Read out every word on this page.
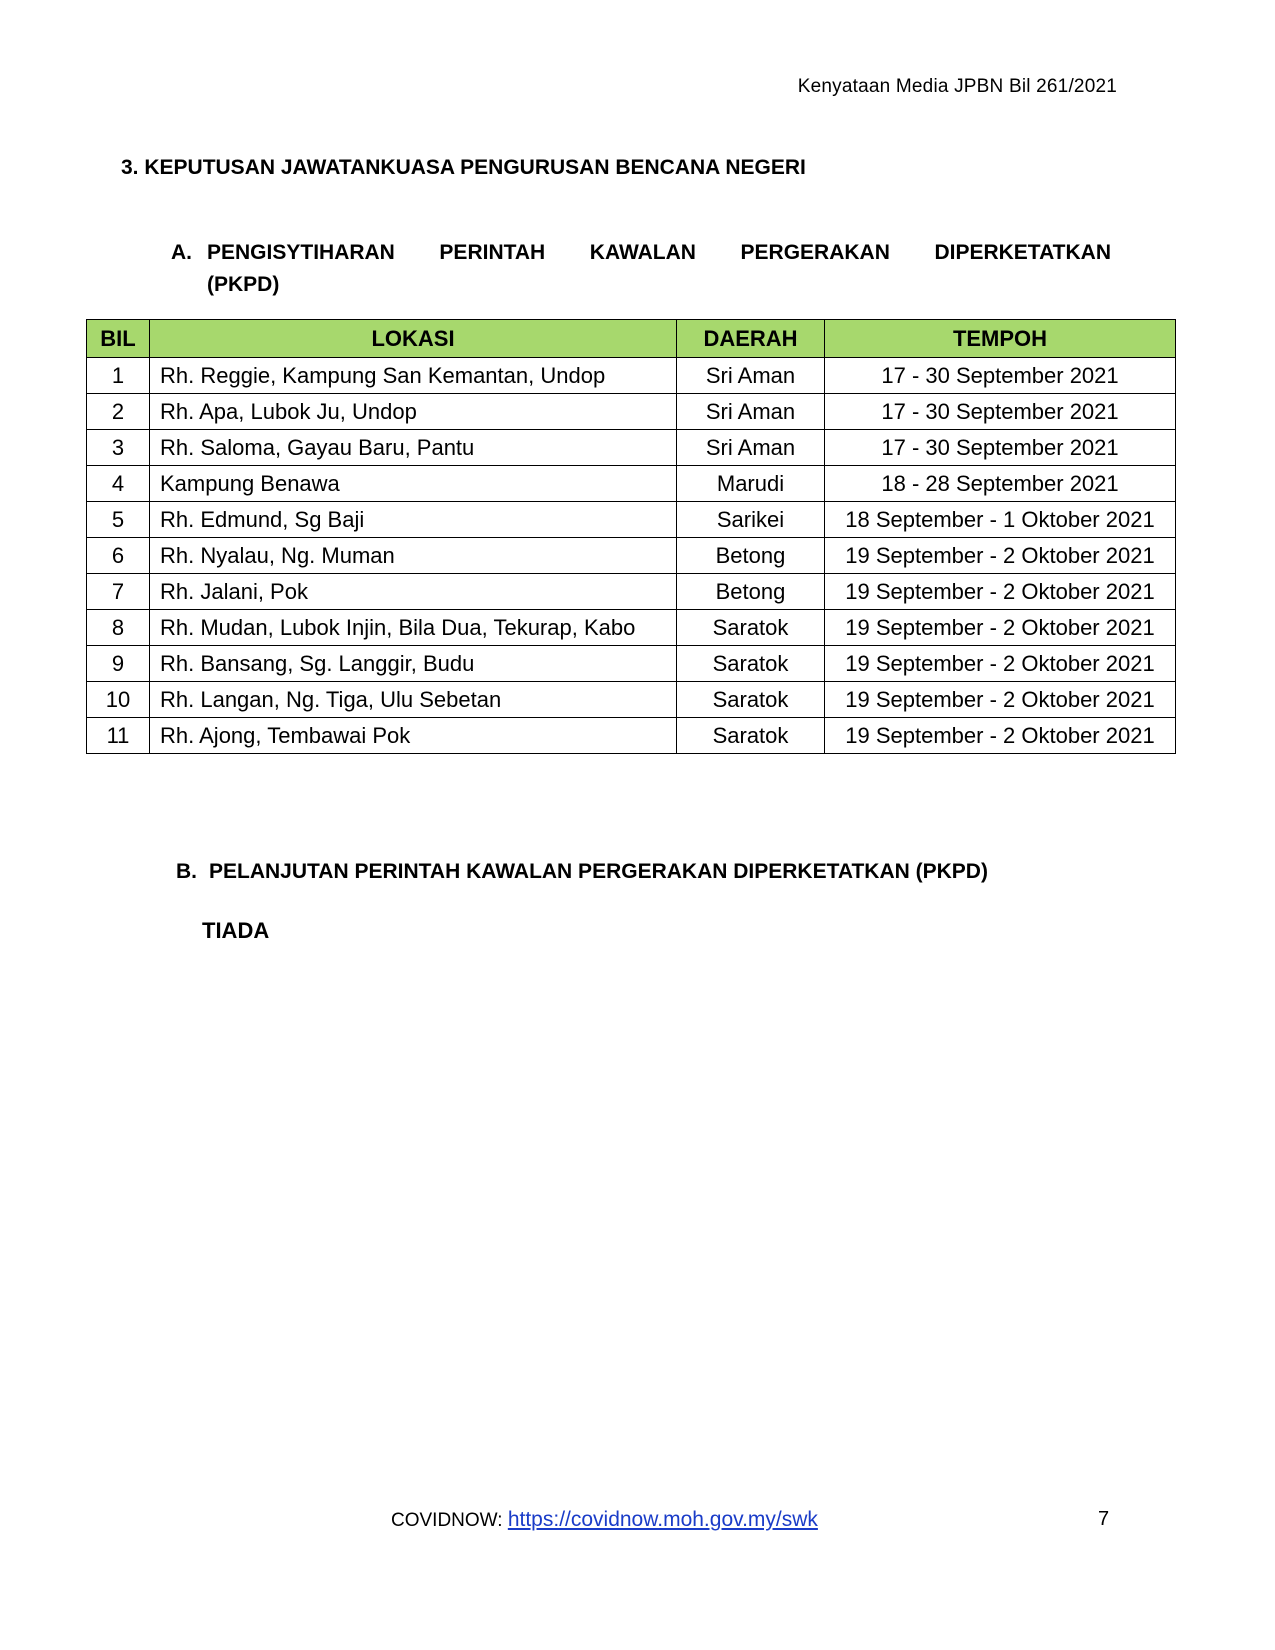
Kenyataan Media JPBN Bil 261/2021
3. KEPUTUSAN JAWATANKUASA PENGURUSAN BENCANA NEGERI
A. PENGISYTIHARAN PERINTAH KAWALAN PERGERAKAN DIPERKETATKAN
(PKPD)
BIL	LOKASI	DAERAH	TEMPOH
1	Rh. Reggie, Kampung San Kemantan, Undop	Sri Aman	17 - 30 September 2021
2	Rh. Apa, Lubok Ju, Undop	Sri Aman	17 - 30 September 2021
3	Rh. Saloma, Gayau Baru, Pantu	Sri Aman	17 - 30 September 2021
4	Kampung Benawa	Marudi	18 - 28 September 2021
5	Rh. Edmund, Sg Baji	Sarikei	18 September - 1 Oktober 2021
6	Rh. Nyalau, Ng. Muman	Betong	19 September - 2 Oktober 2021
7	Rh. Jalani, Pok	Betong	19 September - 2 Oktober 2021
8	Rh. Mudan, Lubok Injin, Bila Dua, Tekurap, Kabo	Saratok	19 September - 2 Oktober 2021
9	Rh. Bansang, Sg. Langgir, Budu	Saratok	19 September - 2 Oktober 2021
10	Rh. Langan, Ng. Tiga, Ulu Sebetan	Saratok	19 September - 2 Oktober 2021
11	Rh. Ajong, Tembawai Pok	Saratok	19 September - 2 Oktober 2021
B. PELANJUTAN PERINTAH KAWALAN PERGERAKAN DIPERKETATKAN (PKPD)
TIADA
COVIDNOW: https://covidnow.moh.gov.my/swk	7
